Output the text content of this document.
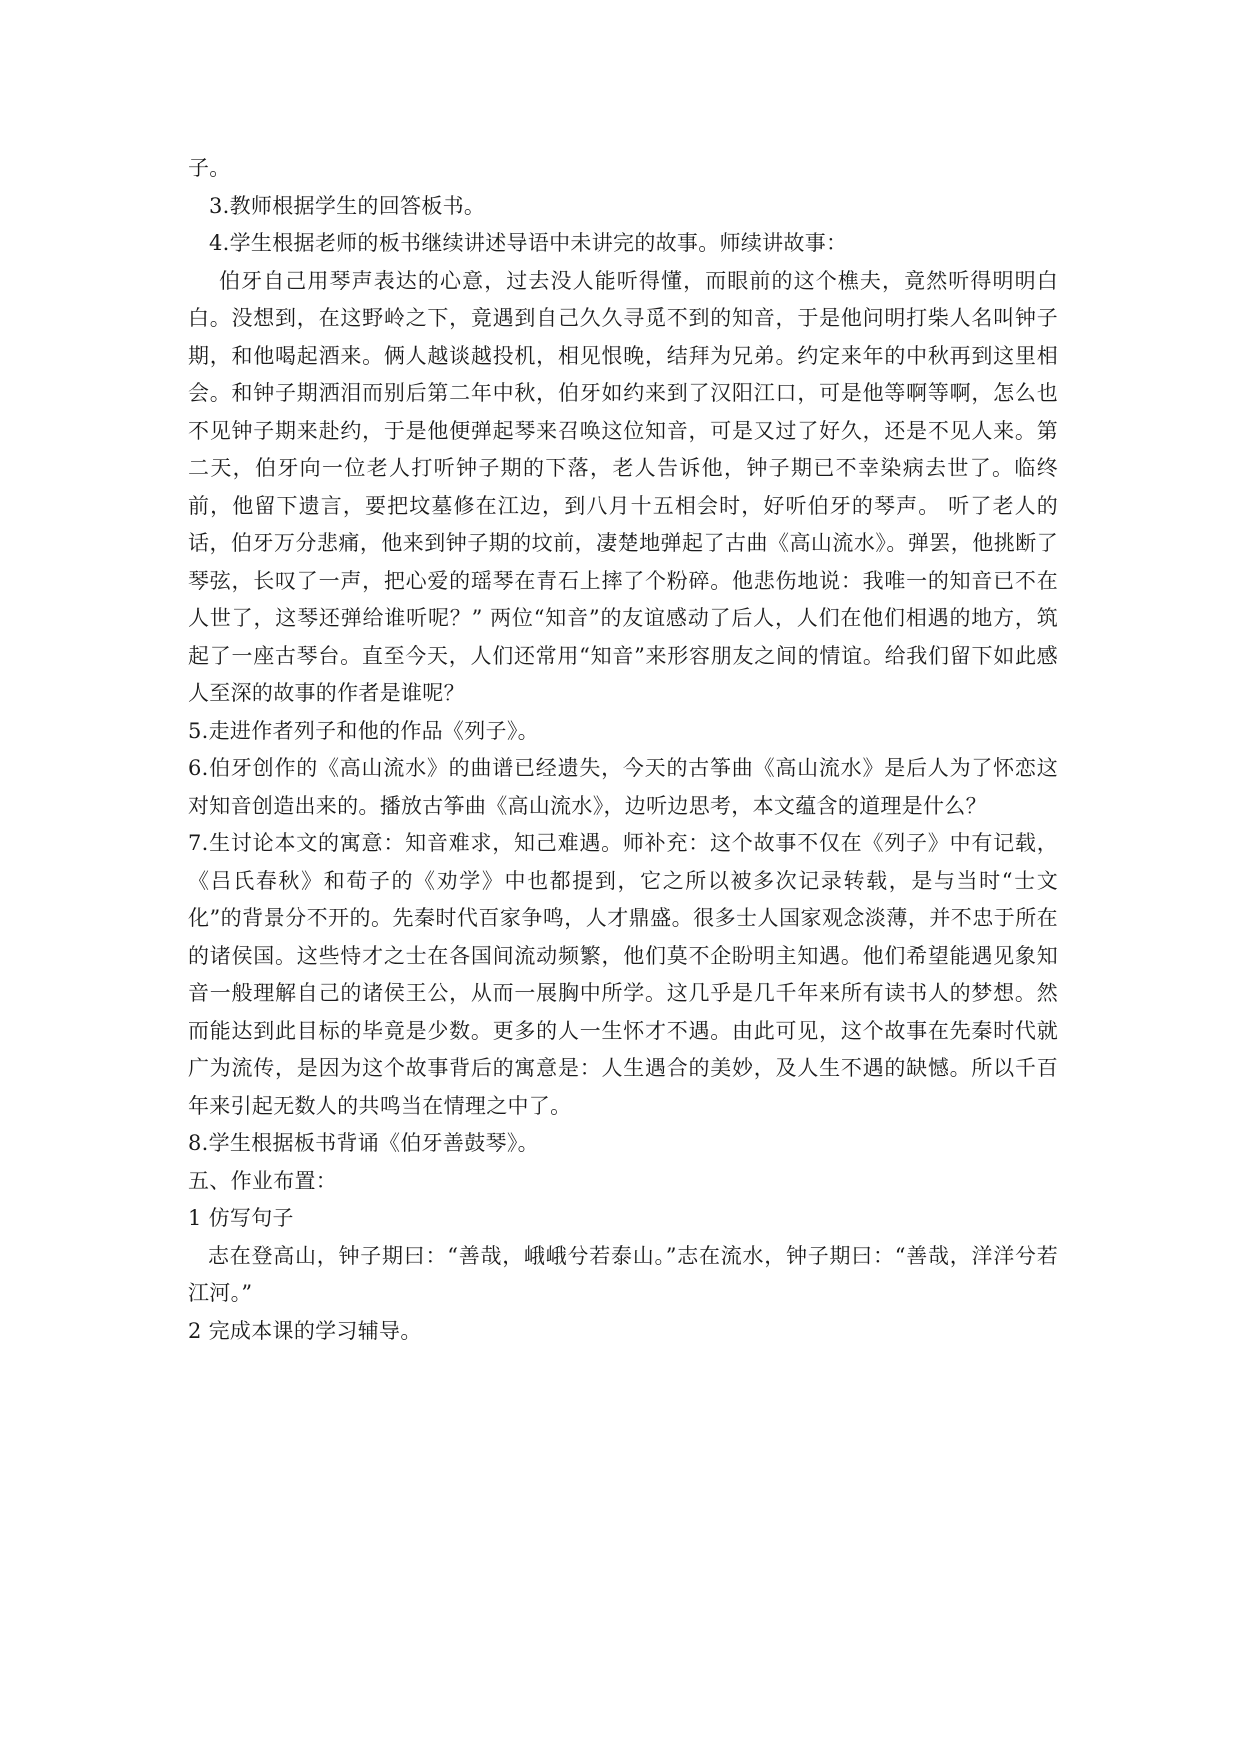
子。

3.教师根据学生的回答板书。

4.学生根据老师的板书继续讲述导语中未讲完的故事。师续讲故事：

伯牙自己用琴声表达的心意，过去没人能听得懂，而眼前的这个樵夫，竟然听得明明白白。没想到，在这野岭之下，竟遇到自己久久寻觅不到的知音，于是他问明打柴人名叫钟子期，和他喝起酒来。俩人越谈越投机，相见恨晚，结拜为兄弟。约定来年的中秋再到这里相会。和钟子期洒泪而别后第二年中秋，伯牙如约来到了汉阳江口，可是他等啊等啊，怎么也不见钟子期来赴约，于是他便弹起琴来召唤这位知音，可是又过了好久，还是不见人来。第二天，伯牙向一位老人打听钟子期的下落，老人告诉他，钟子期已不幸染病去世了。临终前，他留下遗言，要把坟墓修在江边，到八月十五相会时，好听伯牙的琴声。 听了老人的话，伯牙万分悲痛，他来到钟子期的坟前，凄楚地弹起了古曲《高山流水》。弹罢，他挑断了琴弦，长叹了一声，把心爱的瑶琴在青石上摔了个粉碎。他悲伤地说：我唯一的知音已不在人世了，这琴还弹给谁听呢？” 两位“知音”的友谊感动了后人，人们在他们相遇的地方，筑起了一座古琴台。直至今天，人们还常用“知音”来形容朋友之间的情谊。给我们留下如此感人至深的故事的作者是谁呢？

5.走进作者列子和他的作品《列子》。

6.伯牙创作的《高山流水》的曲谱已经遗失，今天的古筝曲《高山流水》是后人为了怀恋这对知音创造出来的。播放古筝曲《高山流水》，边听边思考，本文蕴含的道理是什么？

7.生讨论本文的寓意：知音难求，知己难遇。师补充：这个故事不仅在《列子》中有记载，《吕氏春秋》和荀子的《劝学》中也都提到，它之所以被多次记录转载，是与当时“士文化”的背景分不开的。先秦时代百家争鸣，人才鼎盛。很多士人国家观念淡薄，并不忠于所在的诸侯国。这些恃才之士在各国间流动频繁，他们莫不企盼明主知遇。他们希望能遇见象知音一般理解自己的诸侯王公，从而一展胸中所学。这几乎是几千年来所有读书人的梦想。然而能达到此目标的毕竟是少数。更多的人一生怀才不遇。由此可见，这个故事在先秦时代就广为流传，是因为这个故事背后的寓意是：人生遇合的美妙，及人生不遇的缺憾。所以千百年来引起无数人的共鸣当在情理之中了。

8.学生根据板书背诵《伯牙善鼓琴》。

五、作业布置：

1 仿写句子

志在登高山，钟子期曰：“善哉，峨峨兮若泰山。”志在流水，钟子期曰：“善哉，洋洋兮若江河。”

2 完成本课的学习辅导。
